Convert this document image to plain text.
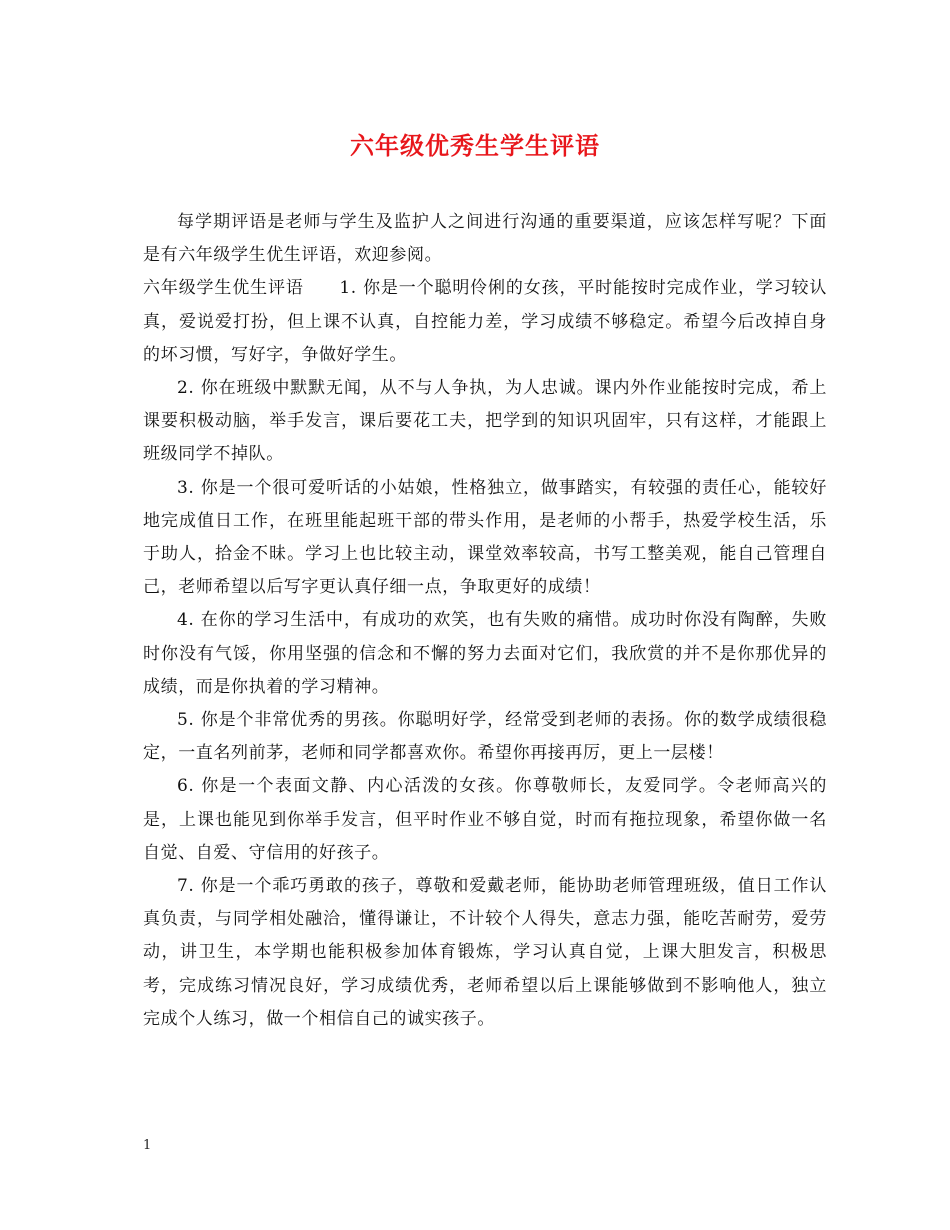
六年级优秀生学生评语

每学期评语是老师与学生及监护人之间进行沟通的重要渠道，应该怎样写呢？下面是有六年级学生优生评语，欢迎参阅。

六年级学生优生评语　　1. 你是一个聪明伶俐的女孩，平时能按时完成作业，学习较认真，爱说爱打扮，但上课不认真，自控能力差，学习成绩不够稳定。希望今后改掉自身的坏习惯，写好字，争做好学生。

2. 你在班级中默默无闻，从不与人争执，为人忠诚。课内外作业能按时完成，希上课要积极动脑，举手发言，课后要花工夫，把学到的知识巩固牢，只有这样，才能跟上班级同学不掉队。

3. 你是一个很可爱听话的小姑娘，性格独立，做事踏实，有较强的责任心，能较好地完成值日工作，在班里能起班干部的带头作用，是老师的小帮手，热爱学校生活，乐于助人，拾金不昧。学习上也比较主动，课堂效率较高，书写工整美观，能自己管理自己，老师希望以后写字更认真仔细一点，争取更好的成绩！

4. 在你的学习生活中，有成功的欢笑，也有失败的痛惜。成功时你没有陶醉，失败时你没有气馁，你用坚强的信念和不懈的努力去面对它们，我欣赏的并不是你那优异的成绩，而是你执着的学习精神。

5. 你是个非常优秀的男孩。你聪明好学，经常受到老师的表扬。你的数学成绩很稳定，一直名列前茅，老师和同学都喜欢你。希望你再接再厉，更上一层楼！

6. 你是一个表面文静、内心活泼的女孩。你尊敬师长，友爱同学。令老师高兴的是，上课也能见到你举手发言，但平时作业不够自觉，时而有拖拉现象，希望你做一名自觉、自爱、守信用的好孩子。

7. 你是一个乖巧勇敢的孩子，尊敬和爱戴老师，能协助老师管理班级，值日工作认真负责，与同学相处融洽，懂得谦让，不计较个人得失，意志力强，能吃苦耐劳，爱劳动，讲卫生，本学期也能积极参加体育锻炼，学习认真自觉，上课大胆发言，积极思考，完成练习情况良好，学习成绩优秀，老师希望以后上课能够做到不影响他人，独立完成个人练习，做一个相信自己的诚实孩子。

1
